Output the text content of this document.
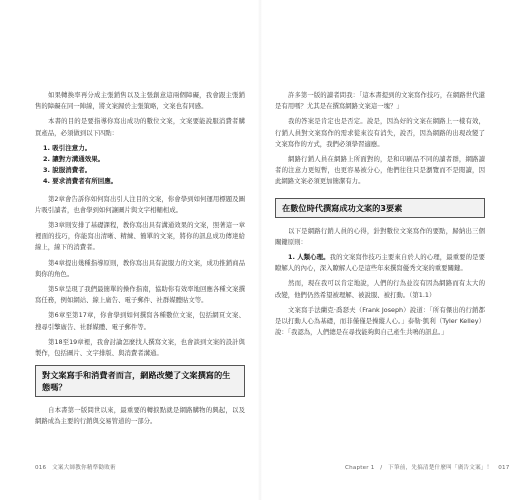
如果轉換率再分成主張銷售以及主張創意這兩個障礙，我會跟主張銷售的障礙在同一陣線，將文案歸於主張策略，文案也有同感。

本書的目的是要指導你寫出成功的數位文案，文案要能說服消費者購買產品，必須做到以下四點：

1. 吸引注意力。
2. 讓對方溝通效果。
3. 說服消費者。
4. 要求消費者有所回應。

第2章會告訴你如何寫出引人注目的文案，你會學到如何運用標題及圖片吸引讀者，也會學到如何讓圖片與文字相輔相成。

第3章則安排了基礎課程，教你寫出具有溝通效果的文案，照著這一章裡面的技巧，你能寫出清晰、精練、簡單的文案，將你的訊息成功傳達給線上，線下的消費者。

第4章提出幾種指導原則，教你寫出具有說服力的文案，成功推銷商品與你的角色。

第5章呈現了我們最簡單的操作指南，協助你有效率地回應各種文案撰寫任務，例如網站、線上廣告、電子郵件、社群媒體貼文等。

第6章至第17章，你會學到如何撰寫各種數位文案，包括網頁文案、搜尋引擎廣告、社群媒體、電子郵件等。

第18至19章裡，我會討論怎麼找人撰寫文案，也會談到文案的設計與製作，包括圖片、文字排版、與消費者溝通。

對文案寫手和消費者而言，網路改變了文案撰寫的生態嗎？

自本書第一版問世以來，最重要的轉捩點就是網路購物的興起，以及網路成為主要的行銷與交易管道的一部分。

016　文案大師教你精準勸敗術

許多第一版的讀者問我：「這本書提到的文案寫作技巧，在網路世代還是有用嗎？尤其是在撰寫網路文案這一塊？」

我的答案是肯定也是否定。說是，因為好的文案在網路上一樣有效，行銷人員對文案寫作的需求從來沒有消失，說否，因為網路的出現改變了文案寫作的方式，我們必須學習適應。

網路行銷人員在網路上所面對的，是和印刷品不同的讀者群，網路讀者的注意力更短暫，也更容易被分心，他們往往只是瀏覽而不是閱讀，因此網路文案必須更加簡潔有力。

在數位時代撰寫成功文案的3要素

以下是網路行銷人員的心得，針對數位文案寫作的要點，歸納出三個關鍵原則：

1. 人類心理。我的文案寫作技巧主要來自於人的心理，最重要的是要瞭解人的內心，深入瞭解人心是這些年來撰寫優秀文案的重要關鍵。

然而，現在我可以肯定地說，人們的行為並沒有因為網路而有太大的改變，他們仍然希望被理解、被說服、被打動。（第1.1）

文案寫手法蘭克‧喬瑟夫（Frank Joseph）說道：「所有傑出的行銷都是以打動人心為基礎，而非僅僅是操縱人心。」泰勒‧凱利（Tyler Kelley）說：「我認為，人們總是在尋找能夠與自己產生共鳴的訊息。」

Chapter 1　/　下筆前，先搞清楚什麼叫「廣告文案」！　017
